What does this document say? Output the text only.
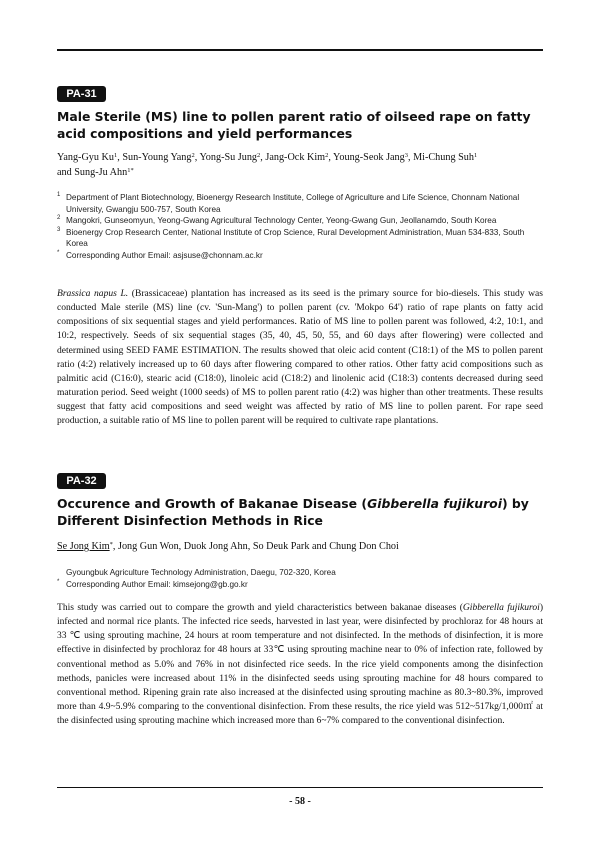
PA-31
Male Sterile (MS) line to pollen parent ratio of oilseed rape on fatty acid compositions and yield performances

Yang-Gyu Ku$^1$, Sun-Young Yang$^2$, Yong-Su Jung$^2$, Jang-Ock Kim$^2$, Young-Seok Jang$^3$, Mi-Chung Suh$^1$
and Sung-Ju Ahn$^{1*}$

1 Department of Plant Biotechnology, Bioenergy Research Institute, College of Agriculture and Life Science, Chonnam National University, Gwangju 500-757, South Korea
2 Mangokri, Gunseomyun, Yeong-Gwang Agricultural Technology Center, Yeong-Gwang Gun, Jeollanamdo, South Korea
3 Bioenergy Crop Research Center, National Institute of Crop Science, Rural Development Administration, Muan 534-833, South Korea
* Corresponding Author Email: asjsuse@chonnam.ac.kr

Brassica napus L. (Brassicaceae) plantation has increased as its seed is the primary source for bio-diesels. This study was conducted Male sterile (MS) line (cv. 'Sun-Mang') to pollen parent (cv. 'Mokpo 64') ratio of rape plants on fatty acid compositions of six sequential stages and yield performances. Ratio of MS line to pollen parent was followed, 4:2, 10:1, and 10:2, respectively. Seeds of six sequential stages (35, 40, 45, 50, 55, and 60 days after flowering) were collected and determined using SEED FAME ESTIMATION. The results showed that oleic acid content (C18:1) of the MS to pollen parent ratio (4:2) relatively increased up to 60 days after flowering compared to other ratios. Other fatty acid compositions such as palmitic acid (C16:0), stearic acid (C18:0), linoleic acid (C18:2) and linolenic acid (C18:3) contents decreased during seed maturation period. Seed weight (1000 seeds) of MS to pollen parent ratio (4:2) was higher than other treatments. These results suggest that fatty acid compositions and seed weight was affected by ratio of MS line to pollen parent. For rape seed production, a suitable ratio of MS line to pollen parent will be required to cultivate rape plantations.

PA-32
Occurence and Growth of Bakanae Disease (Gibberella fujikuroi) by Different Disinfection Methods in Rice

Se Jong Kim*, Jong Gun Won, Duok Jong Ahn, So Deuk Park and Chung Don Choi

Gyoungbuk Agriculture Technology Administration, Daegu, 702-320, Korea
* Corresponding Author Email: kimsejong@gb.go.kr

This study was carried out to compare the growth and yield characteristics between bakanae diseases (Gibberella fujikuroi) infected and normal rice plants. The infected rice seeds, harvested in last year, were disinfected by prochloraz for 48 hours at 33 ℃ using sprouting machine, 24 hours at room temperature and not disinfected. In the methods of disinfection, it is more effective in disinfected by prochloraz for 48 hours at 33℃ using sprouting machine near to 0% of infection rate, followed by conventional method as 5.0% and 76% in not disinfected rice seeds. In the rice yield components among the disinfection methods, panicles were increased about 11% in the disinfected seeds using sprouting machine for 48 hours compared to conventional method. Ripening grain rate also increased at the disinfected using sprouting machine as 80.3~80.3%, improved more than 4.9~5.9% comparing to the conventional disinfection. From these results, the rice yield was 512~517kg/1,000㎡ at the disinfected using sprouting machine which increased more than 6~7% compared to the conventional disinfection.

- 58 -
